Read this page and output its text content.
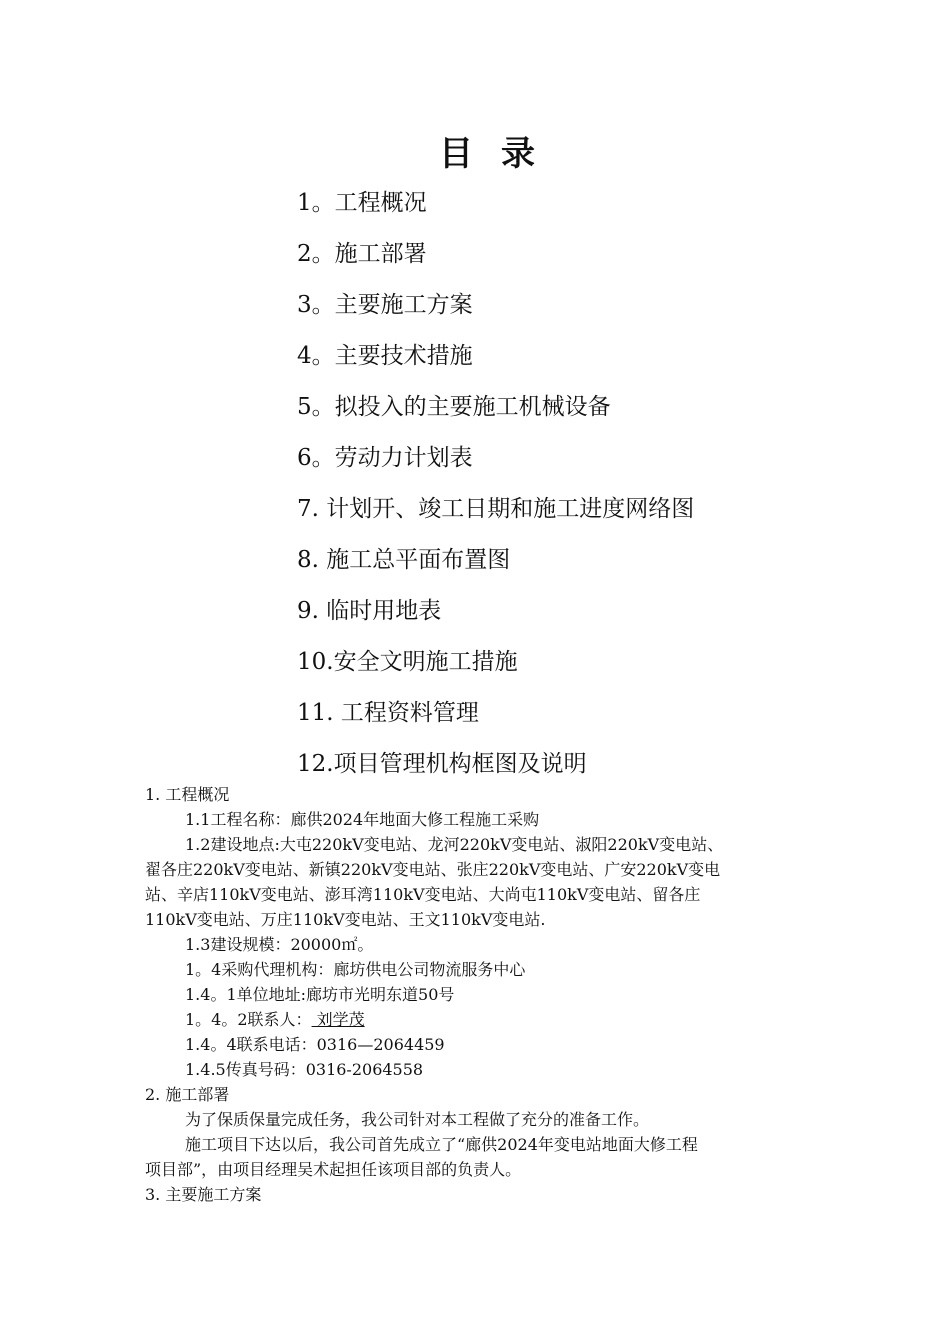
目录
1。工程概况
2。施工部署
3。主要施工方案
4。主要技术措施
5。拟投入的主要施工机械设备
6。劳动力计划表
7. 计划开、竣工日期和施工进度网络图
8. 施工总平面布置图
9. 临时用地表
10.安全文明施工措施
11. 工程资料管理
12.项目管理机构框图及说明
1. 工程概况
1.1工程名称：廊供2024年地面大修工程施工采购
1.2建设地点:大屯220kV变电站、龙河220kV变电站、淑阳220kV变电站、
翟各庄220kV变电站、新镇220kV变电站、张庄220kV变电站、广安220kV变电
站、辛店110kV变电站、澎耳湾110kV变电站、大尚屯110kV变电站、留各庄
110kV变电站、万庄110kV变电站、王文110kV变电站.
1.3建设规模：20000㎡。
1。4采购代理机构：廊坊供电公司物流服务中心
1.4。1单位地址:廊坊市光明东道50号
1。4。2联系人： 刘学茂
1.4。4联系电话：0316—2064459
1.4.5传真号码：0316-2064558
2. 施工部署
为了保质保量完成任务，我公司针对本工程做了充分的准备工作。
施工项目下达以后，我公司首先成立了“廊供2024年变电站地面大修工程
项目部”，由项目经理吴术起担任该项目部的负责人。
3. 主要施工方案
